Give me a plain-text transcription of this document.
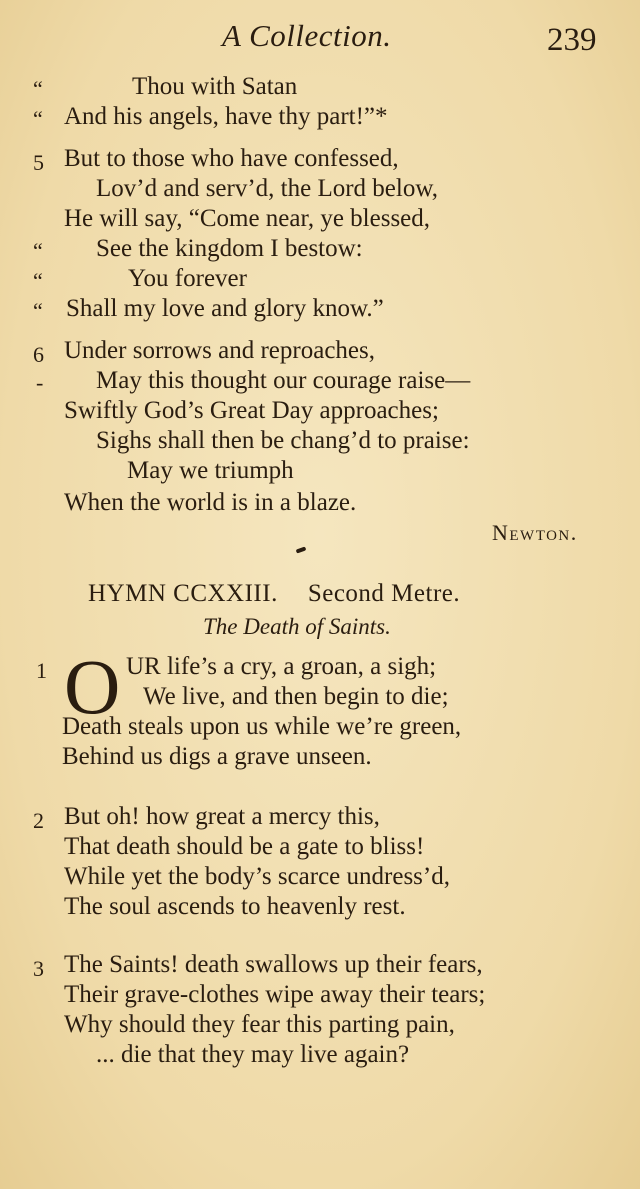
A Collection.	239
“	Thou with Satan
“ And his angels, have thy part!”*
5 But to those who have confessed,
Lov’d and serv’d, the Lord below,
He will say, “Come near, ye blessed,
“ See the kingdom I bestow:
“	You forever
“ Shall my love and glory know.”
6 Under sorrows and reproaches,
- May this thought our courage raise—
Swiftly God’s Great Day approaches;
Sighs shall then be chang’d to praise:
May we triumph
When the world is in a blaze.
Newton.
HYMN CCXXIII. Second Metre.
The Death of Saints.
1 O UR life’s a cry, a groan, a sigh;
We live, and then begin to die;
Death steals upon us while we’re green,
Behind us digs a grave unseen.
2 But oh! how great a mercy this,
That death should be a gate to bliss!
While yet the body’s scarce undress’d,
The soul ascends to heavenly rest.
3 The Saints! death swallows up their fears,
Their grave-clothes wipe away their tears;
Why should they fear this parting pain,
... die that they may live again?
